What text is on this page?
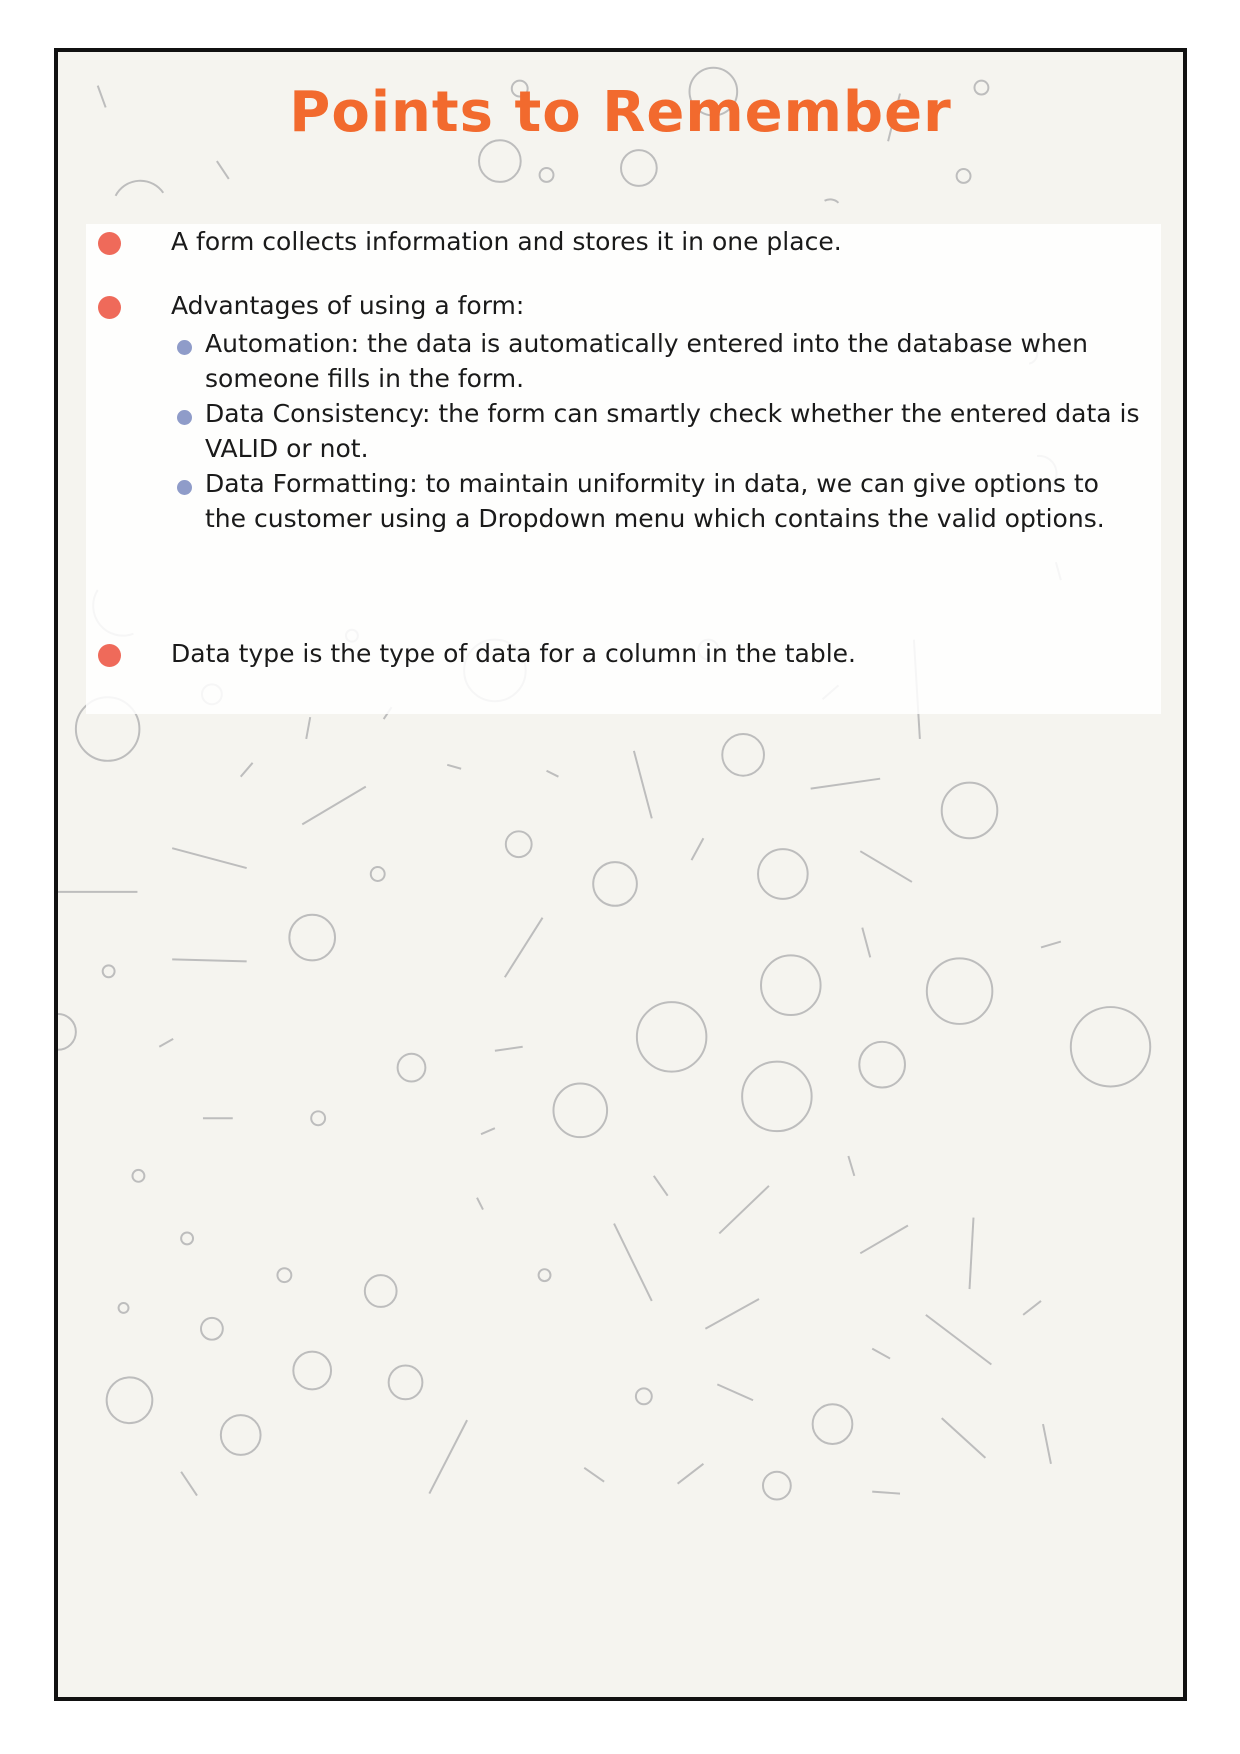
Points to Remember
A form collects information and stores it in one place.
Advantages of using a form:
Automation: the data is automatically entered into the database when someone fills in the form.
Data Consistency: the form can smartly check whether the entered data is VALID or not.
Data Formatting: to maintain uniformity in data, we can give options to the customer using a Dropdown menu which contains the valid options.
Data type is the type of data for a column in the table.
